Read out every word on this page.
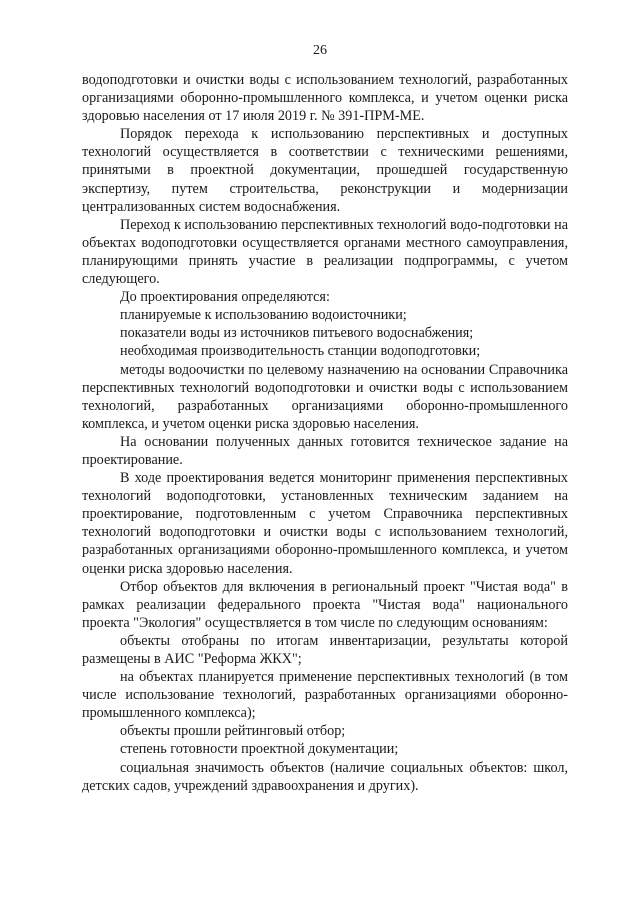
26

водоподготовки и очистки воды с использованием технологий, разработанных организациями оборонно-промышленного комплекса, и учетом оценки риска здоровью населения от 17 июля 2019 г. № 391-ПРМ-МЕ.

Порядок перехода к использованию перспективных и доступных технологий осуществляется в соответствии с техническими решениями, принятыми в проектной документации, прошедшей государственную экспертизу, путем строительства, реконструкции и модернизации централизованных систем водоснабжения.

Переход к использованию перспективных технологий водо-подготовки на объектах водоподготовки осуществляется органами местного самоуправления, планирующими принять участие в реализации подпрограммы, с учетом следующего.

До проектирования определяются:

планируемые к использованию водоисточники;

показатели воды из источников питьевого водоснабжения;

необходимая производительность станции водоподготовки;

методы водоочистки по целевому назначению на основании Справочника перспективных технологий водоподготовки и очистки воды с использованием технологий, разработанных организациями оборонно-промышленного комплекса, и учетом оценки риска здоровью населения.

На основании полученных данных готовится техническое задание на проектирование.

В ходе проектирования ведется мониторинг применения перспективных технологий водоподготовки, установленных техническим заданием на проектирование, подготовленным с учетом Справочника перспективных технологий водоподготовки и очистки воды с использованием технологий, разработанных организациями оборонно-промышленного комплекса, и учетом оценки риска здоровью населения.

Отбор объектов для включения в региональный проект "Чистая вода" в рамках реализации федерального проекта "Чистая вода" национального проекта "Экология" осуществляется в том числе по следующим основаниям:

объекты отобраны по итогам инвентаризации, результаты которой размещены в АИС "Реформа ЖКХ";

на объектах планируется применение перспективных технологий (в том числе использование технологий, разработанных организациями оборонно-промышленного комплекса);

объекты прошли рейтинговый отбор;

степень готовности проектной документации;

социальная значимость объектов (наличие социальных объектов: школ, детских садов, учреждений здравоохранения и других).
